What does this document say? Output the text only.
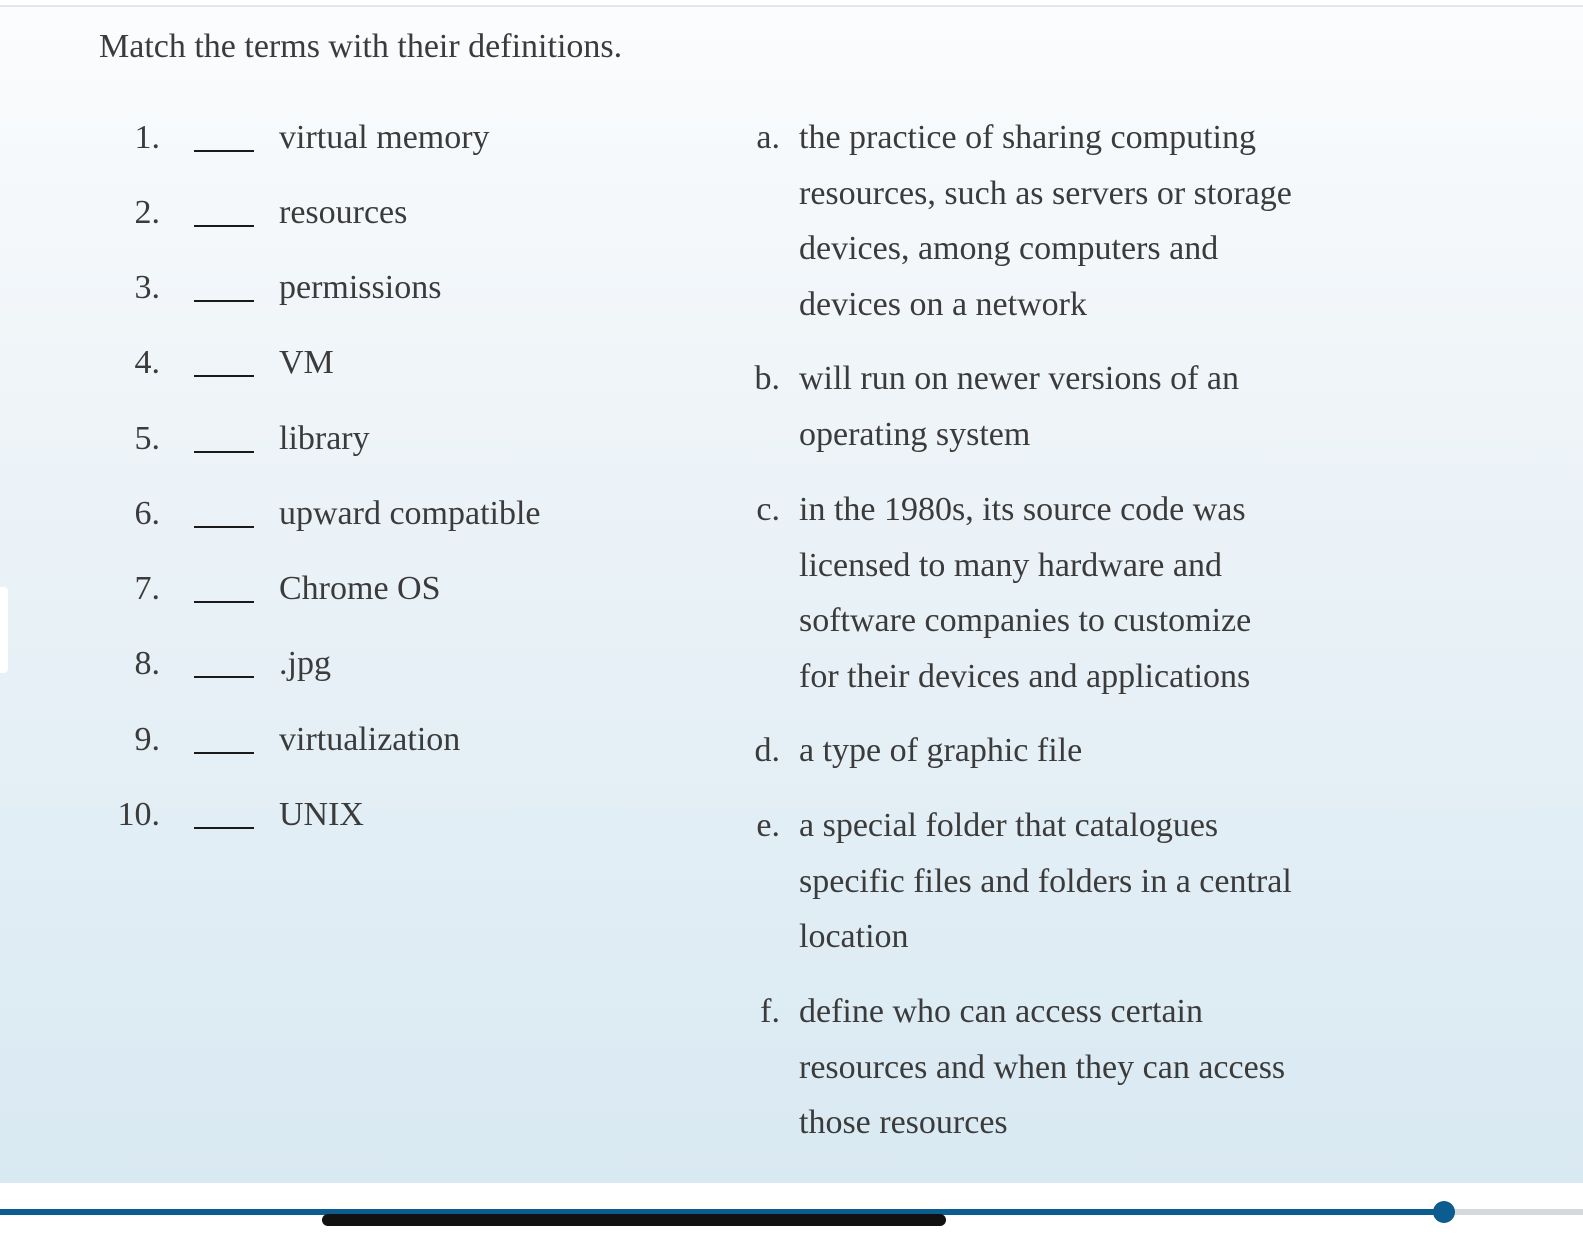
Match the terms with their definitions.
1.	virtual memory
2.	resources
3.	permissions
4.	VM
5.	library
6.	upward compatible
7.	Chrome OS
8.	.jpg
9.	virtualization
10.	UNIX
a. the practice of sharing computing
resources, such as servers or storage
devices, among computers and
devices on a network
b. will run on newer versions of an
operating system
c. in the 1980s, its source code was
licensed to many hardware and
software companies to customize
for their devices and applications
d. a type of graphic file
e. a special folder that catalogues
specific files and folders in a central
location
f. define who can access certain
resources and when they can access
those resources
